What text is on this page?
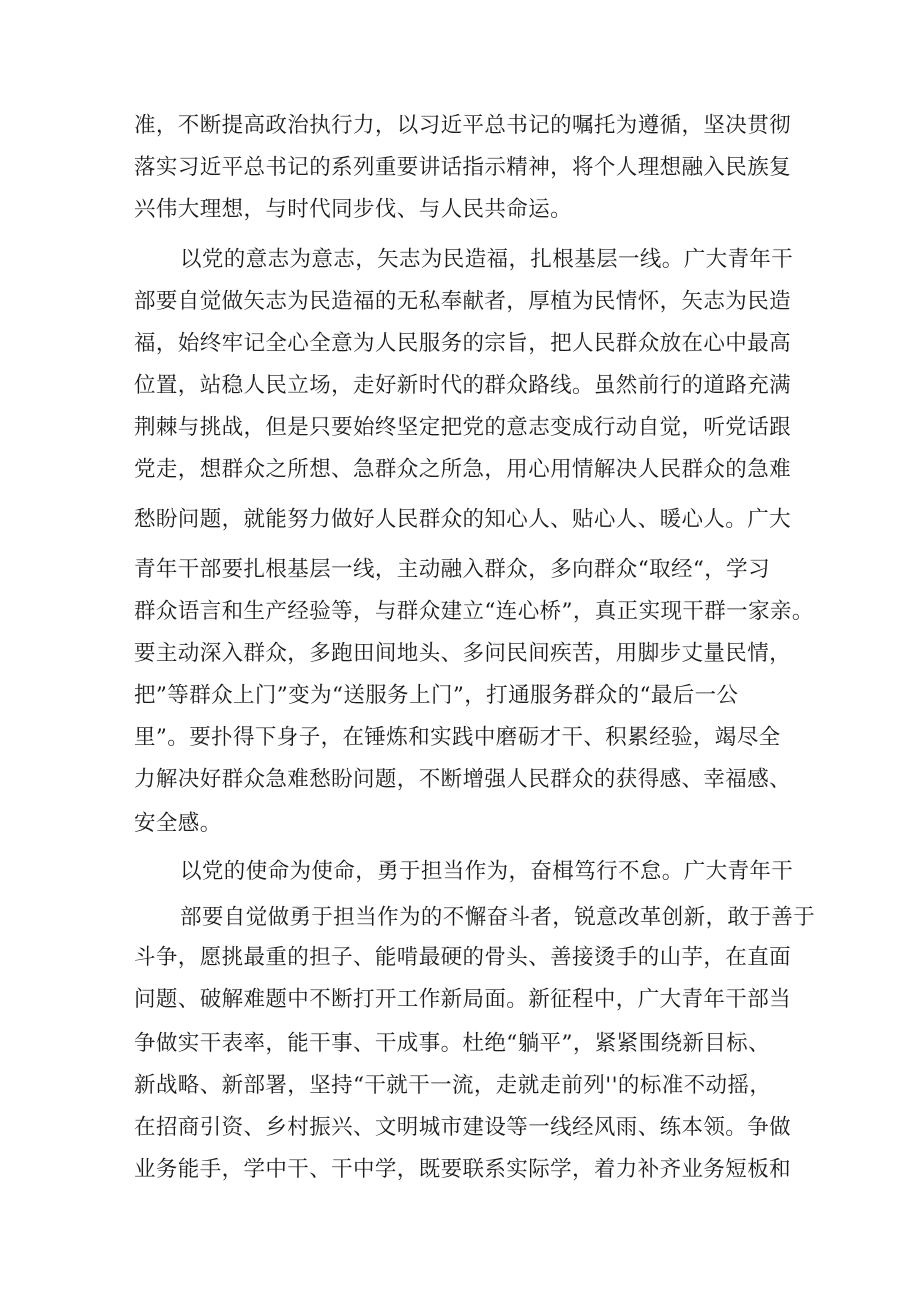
准，不断提高政治执行力，以习近平总书记的嘱托为遵循，坚决贯彻
落实习近平总书记的系列重要讲话指示精神，将个人理想融入民族复
兴伟大理想，与时代同步伐、与人民共命运。
以党的意志为意志，矢志为民造福，扎根基层一线。广大青年干
部要自觉做矢志为民造福的无私奉献者，厚植为民情怀，矢志为民造
福，始终牢记全心全意为人民服务的宗旨，把人民群众放在心中最高
位置，站稳人民立场，走好新时代的群众路线。虽然前行的道路充满
荆棘与挑战，但是只要始终坚定把党的意志变成行动自觉，听党话跟
党走，想群众之所想、急群众之所急，用心用情解决人民群众的急难
愁盼问题，就能努力做好人民群众的知心人、贴心人、暖心人。广大
青年干部要扎根基层一线，主动融入群众，多向群众“取经“，学习
群众语言和生产经验等，与群众建立“连心桥”，真正实现干群一家亲。
要主动深入群众，多跑田间地头、多问民间疾苦，用脚步丈量民情，
把”等群众上门”变为“送服务上门”，打通服务群众的“最后一公
里”。要扑得下身子，在锤炼和实践中磨砺才干、积累经验，竭尽全
力解决好群众急难愁盼问题，不断增强人民群众的获得感、幸福感、
安全感。
以党的使命为使命，勇于担当作为，奋楫笃行不怠。广大青年干
部要自觉做勇于担当作为的不懈奋斗者，锐意改革创新，敢于善于
斗争，愿挑最重的担子、能啃最硬的骨头、善接烫手的山芋，在直面
问题、破解难题中不断打开工作新局面。新征程中，广大青年干部当
争做实干表率，能干事、干成事。杜绝“躺平”，紧紧围绕新目标、
新战略、新部署，坚持“干就干一流，走就走前列''的标准不动摇，
在招商引资、乡村振兴、文明城市建设等一线经风雨、练本领。争做
业务能手，学中干、干中学，既要联系实际学，着力补齐业务短板和
